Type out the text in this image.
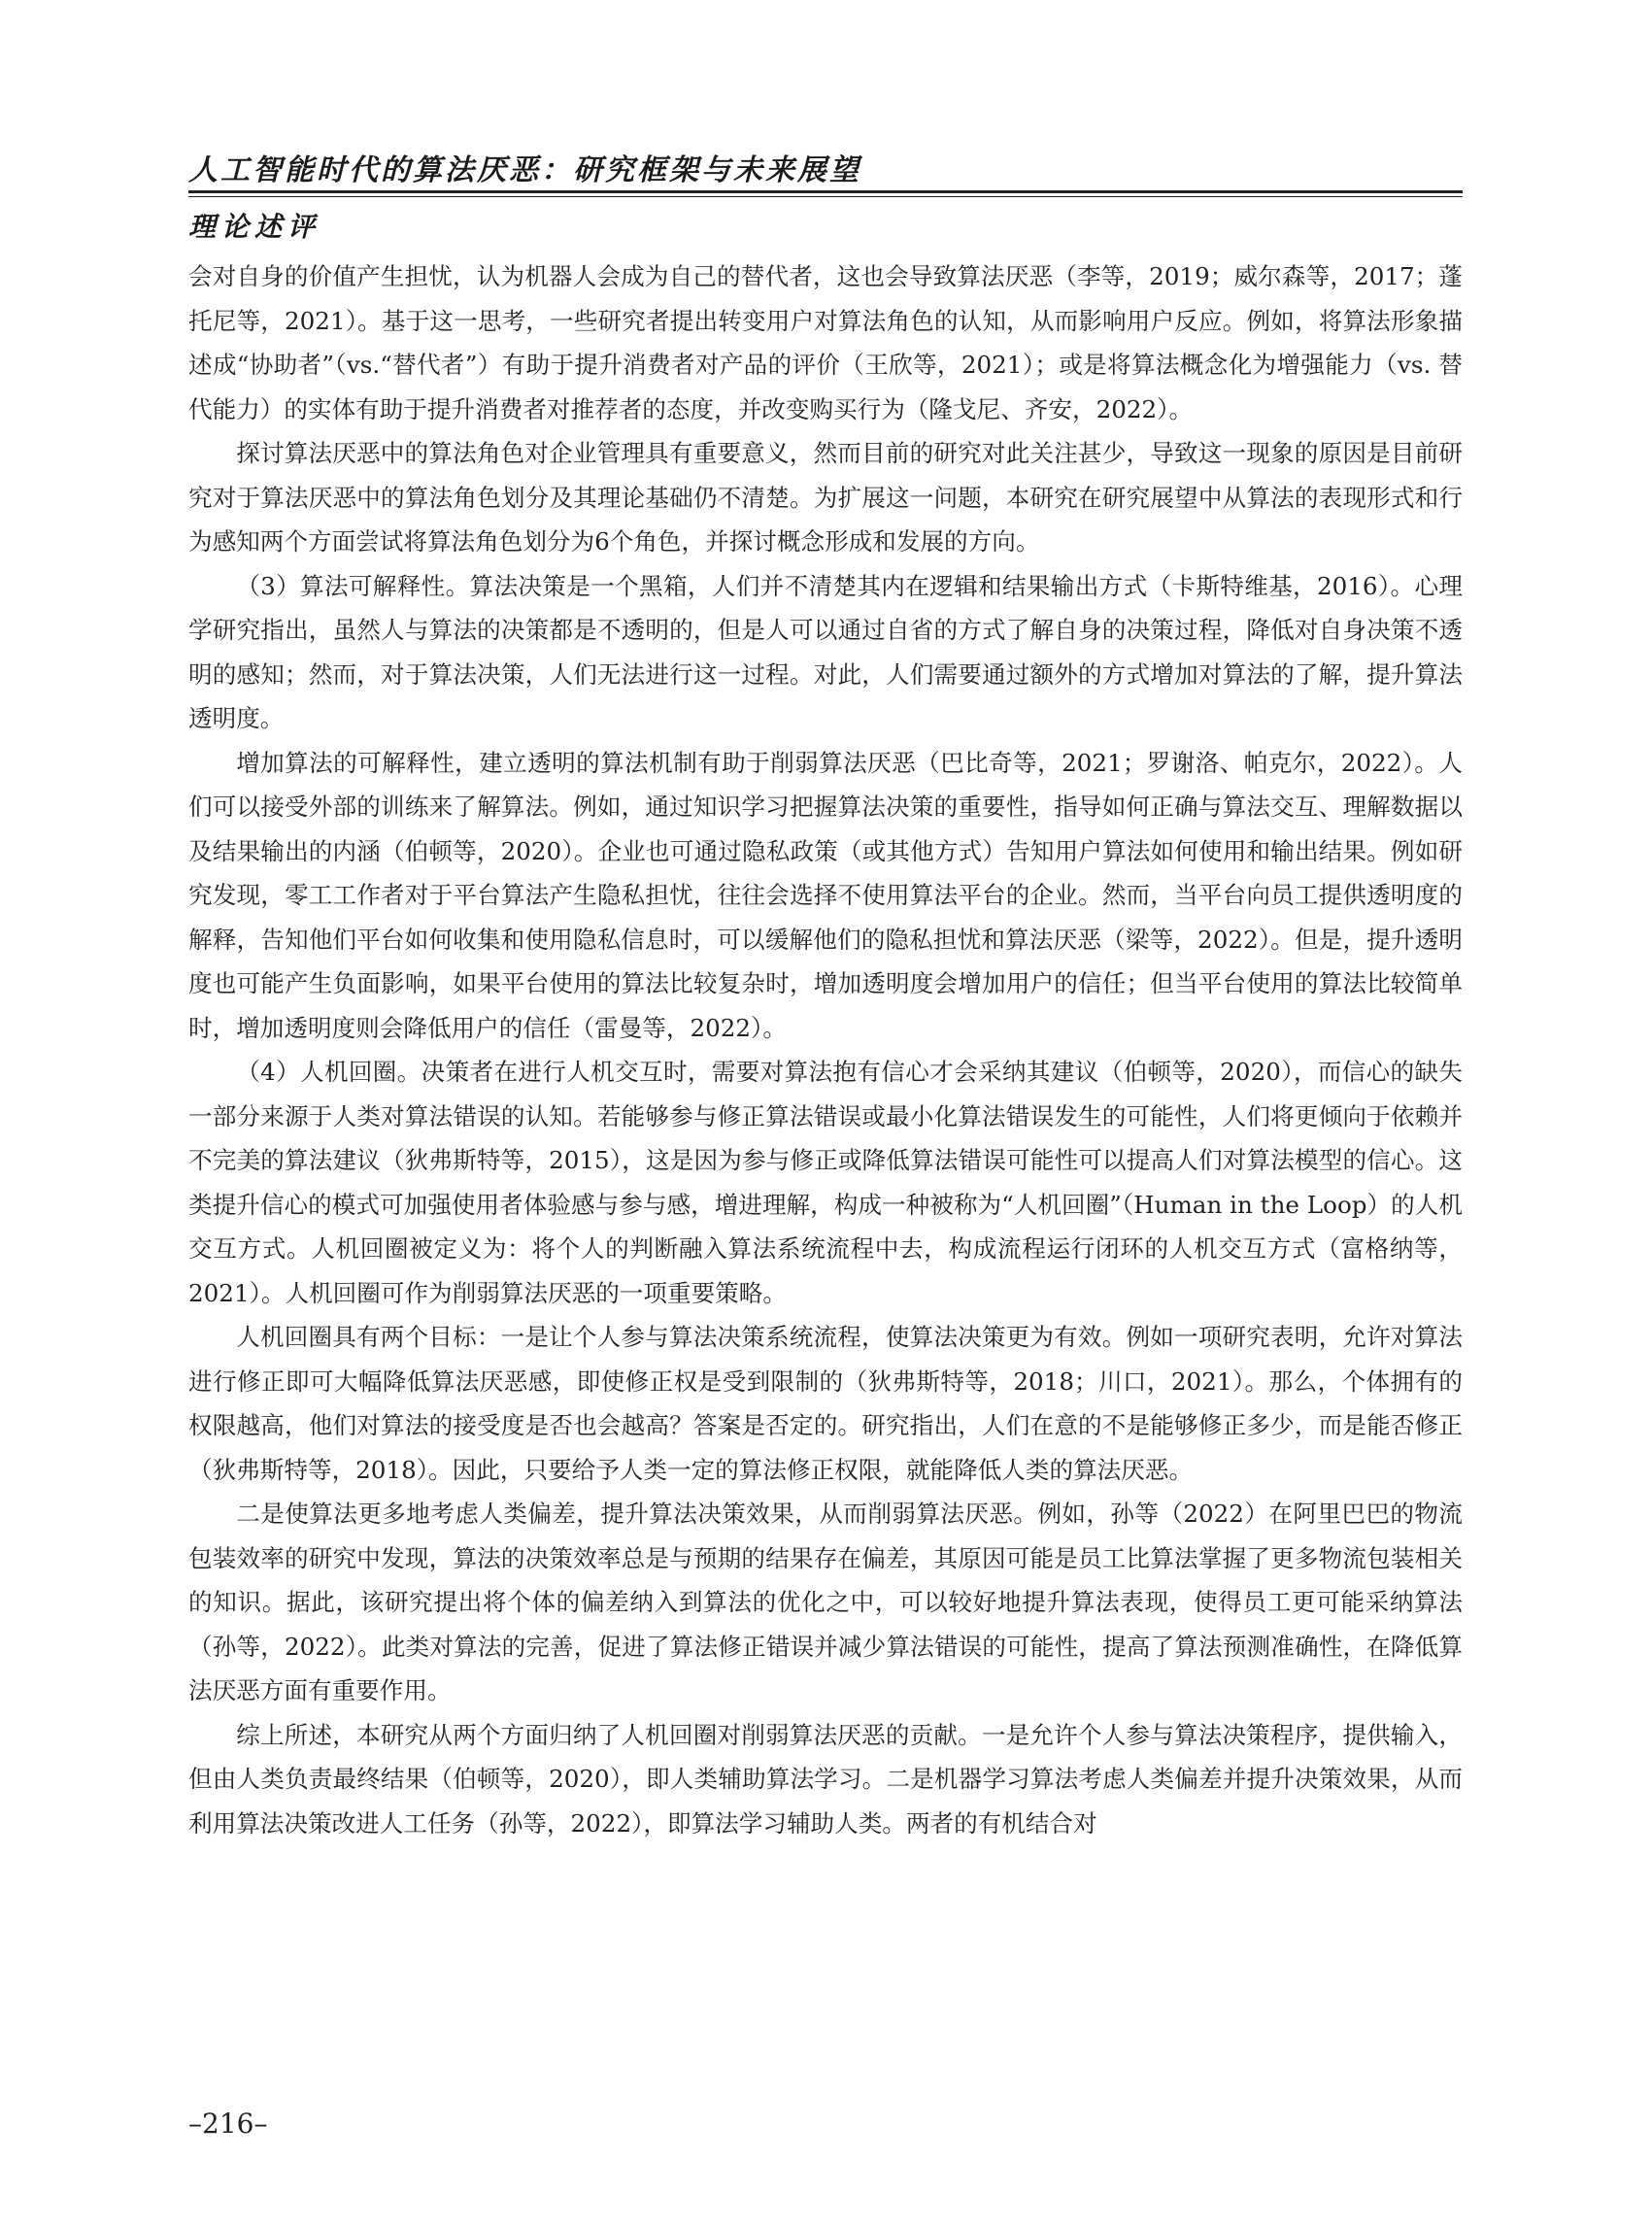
人工智能时代的算法厌恶：研究框架与未来展望
理论述评

会对自身的价值产生担忧，认为机器人会成为自己的替代者，这也会导致算法厌恶（李等，2019；威尔森等，2017；蓬托尼等，2021）。基于这一思考，一些研究者提出转变用户对算法角色的认知，从而影响用户反应。例如，将算法形象描述成“协助者”（vs.“替代者”）有助于提升消费者对产品的评价（王欣等，2021）；或是将算法概念化为增强能力（vs. 替代能力）的实体有助于提升消费者对推荐者的态度，并改变购买行为（隆戈尼、齐安，2022）。

探讨算法厌恶中的算法角色对企业管理具有重要意义，然而目前的研究对此关注甚少，导致这一现象的原因是目前研究对于算法厌恶中的算法角色划分及其理论基础仍不清楚。为扩展这一问题，本研究在研究展望中从算法的表现形式和行为感知两个方面尝试将算法角色划分为6个角色，并探讨概念形成和发展的方向。

（3）算法可解释性。算法决策是一个黑箱，人们并不清楚其内在逻辑和结果输出方式（卡斯特维基，2016）。心理学研究指出，虽然人与算法的决策都是不透明的，但是人可以通过自省的方式了解自身的决策过程，降低对自身决策不透明的感知；然而，对于算法决策，人们无法进行这一过程。对此，人们需要通过额外的方式增加对算法的了解，提升算法透明度。

增加算法的可解释性，建立透明的算法机制有助于削弱算法厌恶（巴比奇等，2021；罗谢洛、帕克尔，2022）。人们可以接受外部的训练来了解算法。例如，通过知识学习把握算法决策的重要性，指导如何正确与算法交互、理解数据以及结果输出的内涵（伯顿等，2020）。企业也可通过隐私政策（或其他方式）告知用户算法如何使用和输出结果。例如研究发现，零工工作者对于平台算法产生隐私担忧，往往会选择不使用算法平台的企业。然而，当平台向员工提供透明度的解释，告知他们平台如何收集和使用隐私信息时，可以缓解他们的隐私担忧和算法厌恶（梁等，2022）。但是，提升透明度也可能产生负面影响，如果平台使用的算法比较复杂时，增加透明度会增加用户的信任；但当平台使用的算法比较简单时，增加透明度则会降低用户的信任（雷曼等，2022）。

（4）人机回圈。决策者在进行人机交互时，需要对算法抱有信心才会采纳其建议（伯顿等，2020），而信心的缺失一部分来源于人类对算法错误的认知。若能够参与修正算法错误或最小化算法错误发生的可能性，人们将更倾向于依赖并不完美的算法建议（狄弗斯特等，2015），这是因为参与修正或降低算法错误可能性可以提高人们对算法模型的信心。这类提升信心的模式可加强使用者体验感与参与感，增进理解，构成一种被称为“人机回圈”（Human in the Loop）的人机交互方式。人机回圈被定义为：将个人的判断融入算法系统流程中去，构成流程运行闭环的人机交互方式（富格纳等，2021）。人机回圈可作为削弱算法厌恶的一项重要策略。

人机回圈具有两个目标：一是让个人参与算法决策系统流程，使算法决策更为有效。例如一项研究表明，允许对算法进行修正即可大幅降低算法厌恶感，即使修正权是受到限制的（狄弗斯特等，2018；川口，2021）。那么，个体拥有的权限越高，他们对算法的接受度是否也会越高？答案是否定的。研究指出，人们在意的不是能够修正多少，而是能否修正（狄弗斯特等，2018）。因此，只要给予人类一定的算法修正权限，就能降低人类的算法厌恶。

二是使算法更多地考虑人类偏差，提升算法决策效果，从而削弱算法厌恶。例如，孙等（2022）在阿里巴巴的物流包装效率的研究中发现，算法的决策效率总是与预期的结果存在偏差，其原因可能是员工比算法掌握了更多物流包装相关的知识。据此，该研究提出将个体的偏差纳入到算法的优化之中，可以较好地提升算法表现，使得员工更可能采纳算法（孙等，2022）。此类对算法的完善，促进了算法修正错误并减少算法错误的可能性，提高了算法预测准确性，在降低算法厌恶方面有重要作用。

综上所述，本研究从两个方面归纳了人机回圈对削弱算法厌恶的贡献。一是允许个人参与算法决策程序，提供输入，但由人类负责最终结果（伯顿等，2020），即人类辅助算法学习。二是机器学习算法考虑人类偏差并提升决策效果，从而利用算法决策改进人工任务（孙等，2022），即算法学习辅助人类。两者的有机结合对

–216–
